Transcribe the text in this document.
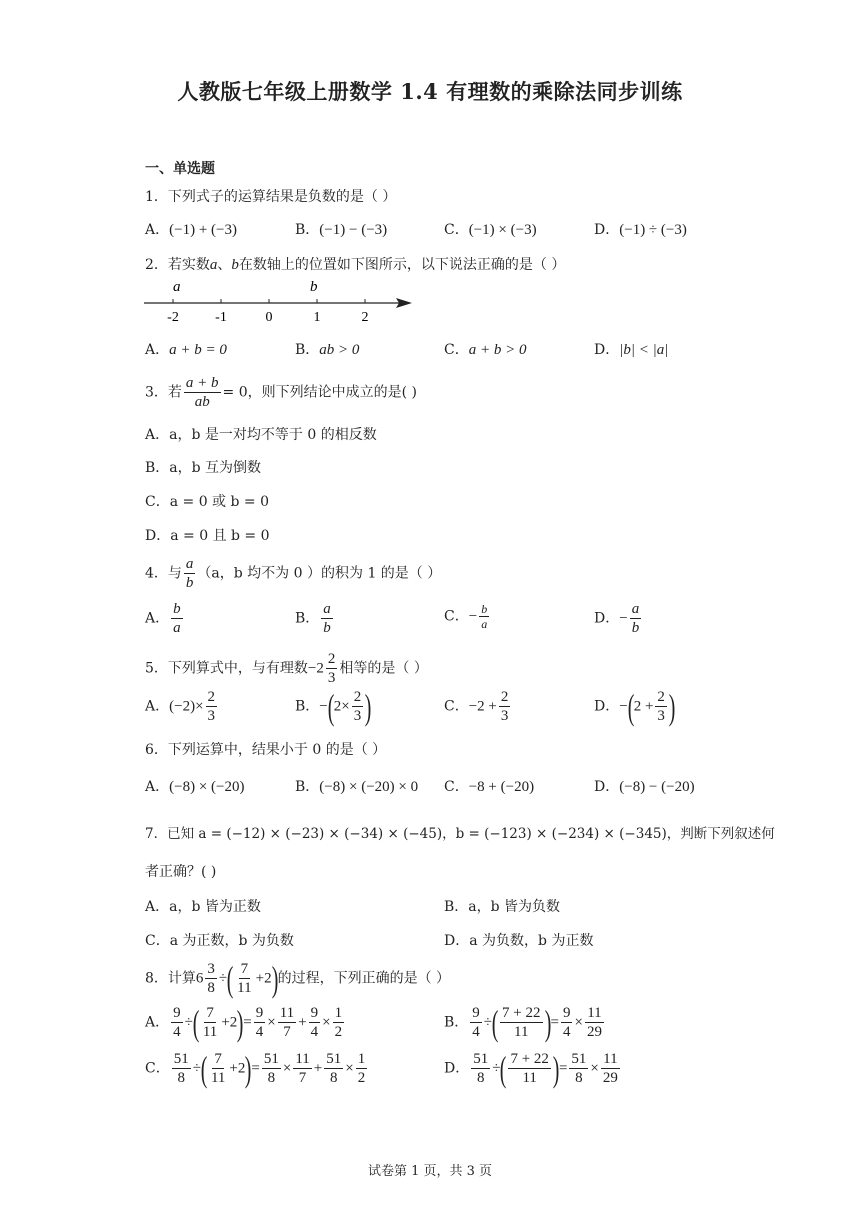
人教版七年级上册数学 1.4 有理数的乘除法同步训练
一、单选题
1．下列式子的运算结果是负数的是（ ）
A．(−1) + (−3)	B．(−1) − (−3)	C．(−1) × (−3)	D．(−1) ÷ (−3)
2．若实数a、b在数轴上的位置如下图所示，以下说法正确的是（ ）
-2	-1	0	1	2
a	b
A．a + b = 0	B．ab > 0	C．a + b > 0	D．|b| < |a|
3．若 $\frac{a + b}{ab} = 0$，则下列结论中成立的是( )
A．a，b 是一对均不等于 0 的相反数
B．a，b 互为倒数
C．a = 0 或 b = 0
D．a = 0 且 b = 0
4．与 $\frac{a}{b} (a$，b 均不为 0 ）的积为 1 的是（ ）
A． $\frac{b}{a}$	B． $\frac{a}{b}$	C．− $\frac{b}{a}$	D．− $\frac{a}{b}$
5．下列算式中，与有理数$-2 \frac{2}{3}$ 相等的是（ ）
A．$(-2)\times \frac{2}{3}$	B．$-(2\times \frac{2}{3}$ )	C．$-2 + \frac{2}{3}$	D．$-(2 + \frac{2}{3}$ )
6．下列运算中，结果小于 0 的是（ ）
A．(−8) × (−20)	B．(−8) × (−20) × 0 C．−8 + (−20)	D．(−8) − (−20)
7．已知 a = (−12) × (−23) × (−34) × (−45)，b = (−123) × (−234) × (−345)，判断下列叙述何
者正确？( )
A．a，b 皆为正数	B．a，b 皆为负数
C．a 为正数，b 为负数	D．a 为负数，b 为正数
8．计算$6 \frac{3}{8}$ ÷( $\frac{7}{11} +2$)的过程，下列正确的是（ ）
A． $\frac{9}{4}$ ÷( $\frac{7}{11} +2)= \frac{9}{4} \times \frac{11}{7} + \frac{9}{4} \times \frac{1}{2}$	B． $\frac{9}{4}$ ÷( $\frac{7 + 22}{11}$ )= $\frac{9}{4} \times \frac{11}{29}$
C． $\frac{51}{8}$ ÷( $\frac{7}{11} +2)= \frac{51}{8} \times \frac{11}{7} + \frac{51}{8} \times \frac{1}{2}$	D． $\frac{51}{8}$ ÷( $\frac{7 + 22}{11}$ )= $\frac{51}{8} \times \frac{11}{29}$
试卷第 1 页，共 3 页
